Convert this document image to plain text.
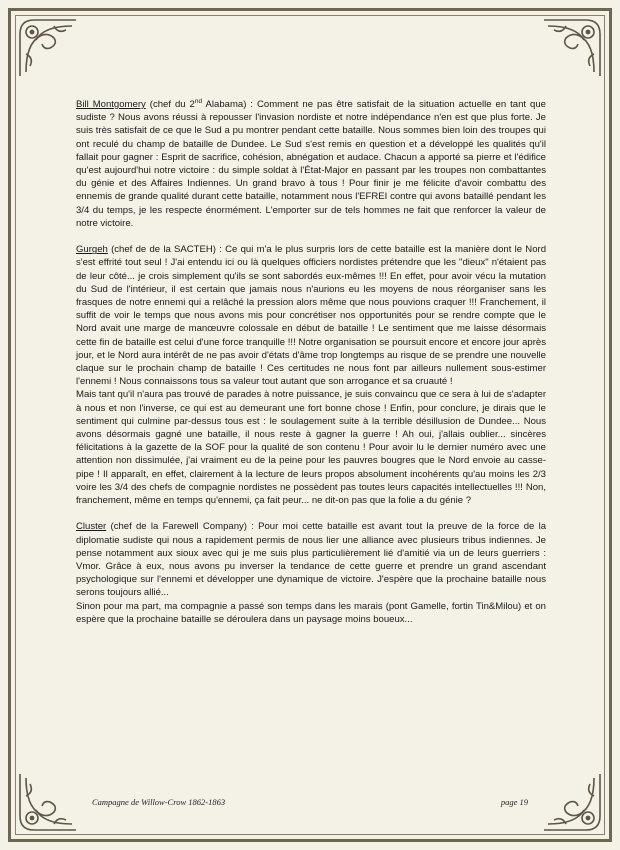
Bill Montgomery (chef du 2nd Alabama) : Comment ne pas être satisfait de la situation actuelle en tant que sudiste ? Nous avons réussi à repousser l'invasion nordiste et notre indépendance n'en est que plus forte. Je suis très satisfait de ce que le Sud a pu montrer pendant cette bataille. Nous sommes bien loin des troupes qui ont reculé du champ de bataille de Dundee. Le Sud s'est remis en question et a développé les qualités qu'il fallait pour gagner : Esprit de sacrifice, cohésion, abnégation et audace. Chacun a apporté sa pierre et l'édifice qu'est aujourd'hui notre victoire : du simple soldat à l'État-Major en passant par les troupes non combattantes du génie et des Affaires Indiennes. Un grand bravo à tous ! Pour finir je me félicite d'avoir combattu des ennemis de grande qualité durant cette bataille, notamment nous l'EFREI contre qui avons bataillé pendant les 3/4 du temps, je les respecte énormément. L'emporter sur de tels hommes ne fait que renforcer la valeur de notre victoire.

Gurgeh (chef de de la SACTEH) : Ce qui m'a le plus surpris lors de cette bataille est la manière dont le Nord s'est effrité tout seul ! J'ai entendu ici ou là quelques officiers nordistes prétendre que les "dieux" n'étaient pas de leur côté... je crois simplement qu'ils se sont sabordés eux-mêmes !!! En effet, pour avoir vécu la mutation du Sud de l'intérieur, il est certain que jamais nous n'aurions eu les moyens de nous réorganiser sans les frasques de notre ennemi qui a relâché la pression alors même que nous pouvions craquer !!! Franchement, il suffit de voir le temps que nous avons mis pour concrétiser nos opportunités pour se rendre compte que le Nord avait une marge de manœuvre colossale en début de bataille ! Le sentiment que me laisse désormais cette fin de bataille est celui d'une force tranquille !!! Notre organisation se poursuit encore et encore jour après jour, et le Nord aura intérêt de ne pas avoir d'états d'âme trop longtemps au risque de se prendre une nouvelle claque sur le prochain champ de bataille ! Ces certitudes ne nous font par ailleurs nullement sous-estimer l'ennemi ! Nous connaissons tous sa valeur tout autant que son arrogance et sa cruauté !

Mais tant qu'il n'aura pas trouvé de parades à notre puissance, je suis convaincu que ce sera à lui de s'adapter à nous et non l'inverse, ce qui est au demeurant une fort bonne chose ! Enfin, pour conclure, je dirais que le sentiment qui culmine par-dessus tous est : le soulagement suite à la terrible désillusion de Dundee... Nous avons désormais gagné une bataille, il nous reste à gagner la guerre ! Ah oui, j'allais oublier... sincères félicitations à la gazette de la SOF pour la qualité de son contenu ! Pour avoir lu le dernier numéro avec une attention non dissimulée, j'ai vraiment eu de la peine pour les pauvres bougres que le Nord envoie au casse-pipe ! Il apparaît, en effet, clairement à la lecture de leurs propos absolument incohérents qu'au moins les 2/3 voire les 3/4 des chefs de compagnie nordistes ne possèdent pas toutes leurs capacités intellectuelles !!! Non, franchement, même en temps qu'ennemi, ça fait peur... ne dit-on pas que la folie a du génie ?

Cluster (chef de la Farewell Company) : Pour moi cette bataille est avant tout la preuve de la force de la diplomatie sudiste qui nous a rapidement permis de nous lier une alliance avec plusieurs tribus indiennes. Je pense notamment aux sioux avec qui je me suis plus particulièrement lié d'amitié via un de leurs guerriers : Vmor. Grâce à eux, nous avons pu inverser la tendance de cette guerre et prendre un grand ascendant psychologique sur l'ennemi et développer une dynamique de victoire. J'espère que la prochaine bataille nous serons toujours allié...

Sinon pour ma part, ma compagnie a passé son temps dans les marais (pont Gamelle, fortin Tin&Milou) et on espère que la prochaine bataille se déroulera dans un paysage moins boueux...

Campagne de Willow-Crow 1862-1863	page 19
